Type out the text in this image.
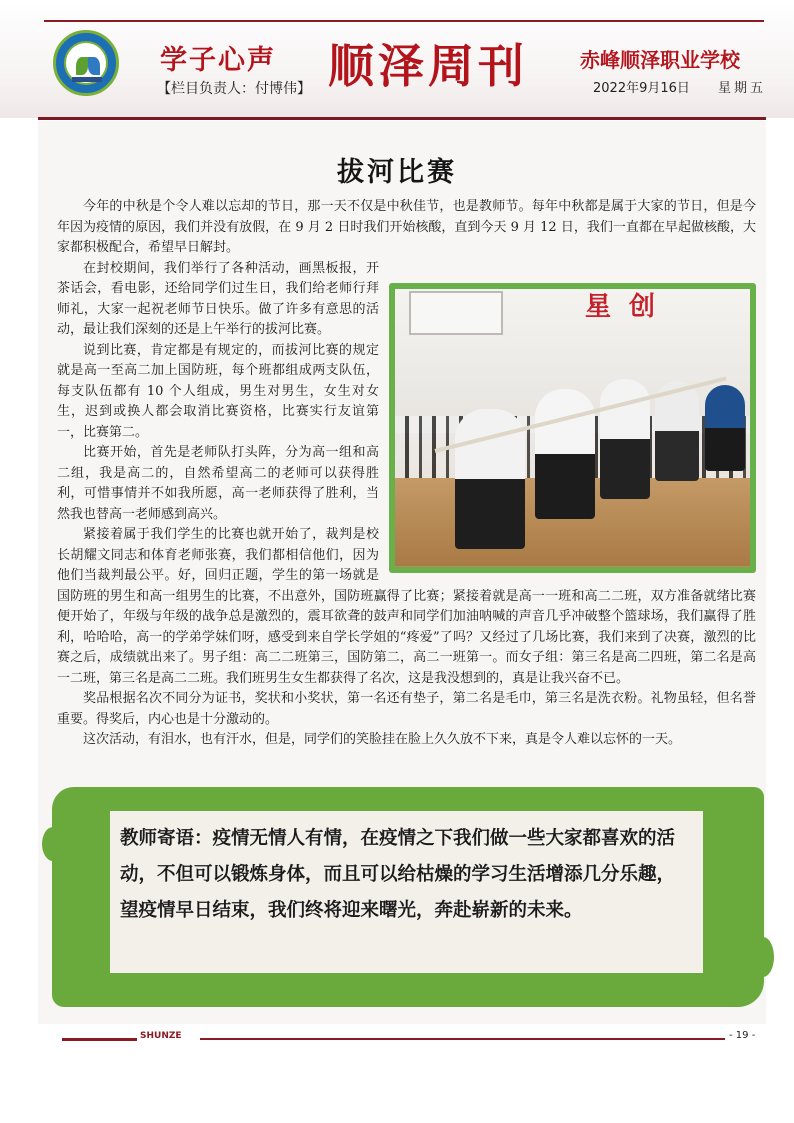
学子心声
【栏目负责人：付博伟】 顺泽周刊	赤峰顺泽职业学校
2022年9月16日 星期五
拔河比赛

今年的中秋是个令人难以忘却的节日，那一天不仅是中秋佳节，也是教师节。每年中秋都是属于大家的节日，但是今年因为疫情的原因，我们并没有放假，在 9 月 2 日时我们开始核酸，直到今天 9 月 12 日，我们一直都在早起做核酸，大家都积极配合，希望早日解封。

星创

在封校期间，我们举行了各种活动，画黑板报，开茶话会，看电影，还给同学们过生日，我们给老师行拜师礼，大家一起祝老师节日快乐。做了许多有意思的活动，最让我们深刻的还是上午举行的拔河比赛。

说到比赛，肯定都是有规定的，而拔河比赛的规定就是高一至高二加上国防班，每个班都组成两支队伍，每支队伍都有 10 个人组成，男生对男生，女生对女生，迟到或换人都会取消比赛资格，比赛实行友谊第一，比赛第二。

比赛开始，首先是老师队打头阵，分为高一组和高二组，我是高二的，自然希望高二的老师可以获得胜利，可惜事情并不如我所愿，高一老师获得了胜利，当然我也替高一老师感到高兴。

紧接着属于我们学生的比赛也就开始了，裁判是校长胡耀文同志和体育老师张赛，我们都相信他们，因为他们当裁判最公平。好，回归正题，学生的第一场就是国防班的男生和高一组男生的比赛，不出意外，国防班赢得了比赛；紧接着就是高一一班和高二二班，双方准备就绪比赛便开始了，年级与年级的战争总是激烈的，震耳欲聋的鼓声和同学们加油呐喊的声音几乎冲破整个篮球场，我们赢得了胜利，哈哈哈，高一的学弟学妹们呀，感受到来自学长学姐的“疼爱”了吗？又经过了几场比赛，我们来到了决赛，激烈的比赛之后，成绩就出来了。男子组：高二二班第三，国防第二，高二一班第一。而女子组：第三名是高二四班，第二名是高一二班，第三名是高二二班。我们班男生女生都获得了名次，这是我没想到的，真是让我兴奋不已。

奖品根据名次不同分为证书，奖状和小奖状，第一名还有垫子，第二名是毛巾，第三名是洗衣粉。礼物虽轻，但名誉重要。得奖后，内心也是十分激动的。

这次活动，有泪水，也有汗水，但是，同学们的笑脸挂在脸上久久放不下来，真是令人难以忘怀的一天。

教师寄语：疫情无情人有情，在疫情之下我们做一些大家都喜欢的活动，不但可以锻炼身体，而且可以给枯燥的学习生活增添几分乐趣，望疫情早日结束，我们终将迎来曙光，奔赴崭新的未来。
SHUNZE	- 19 -
